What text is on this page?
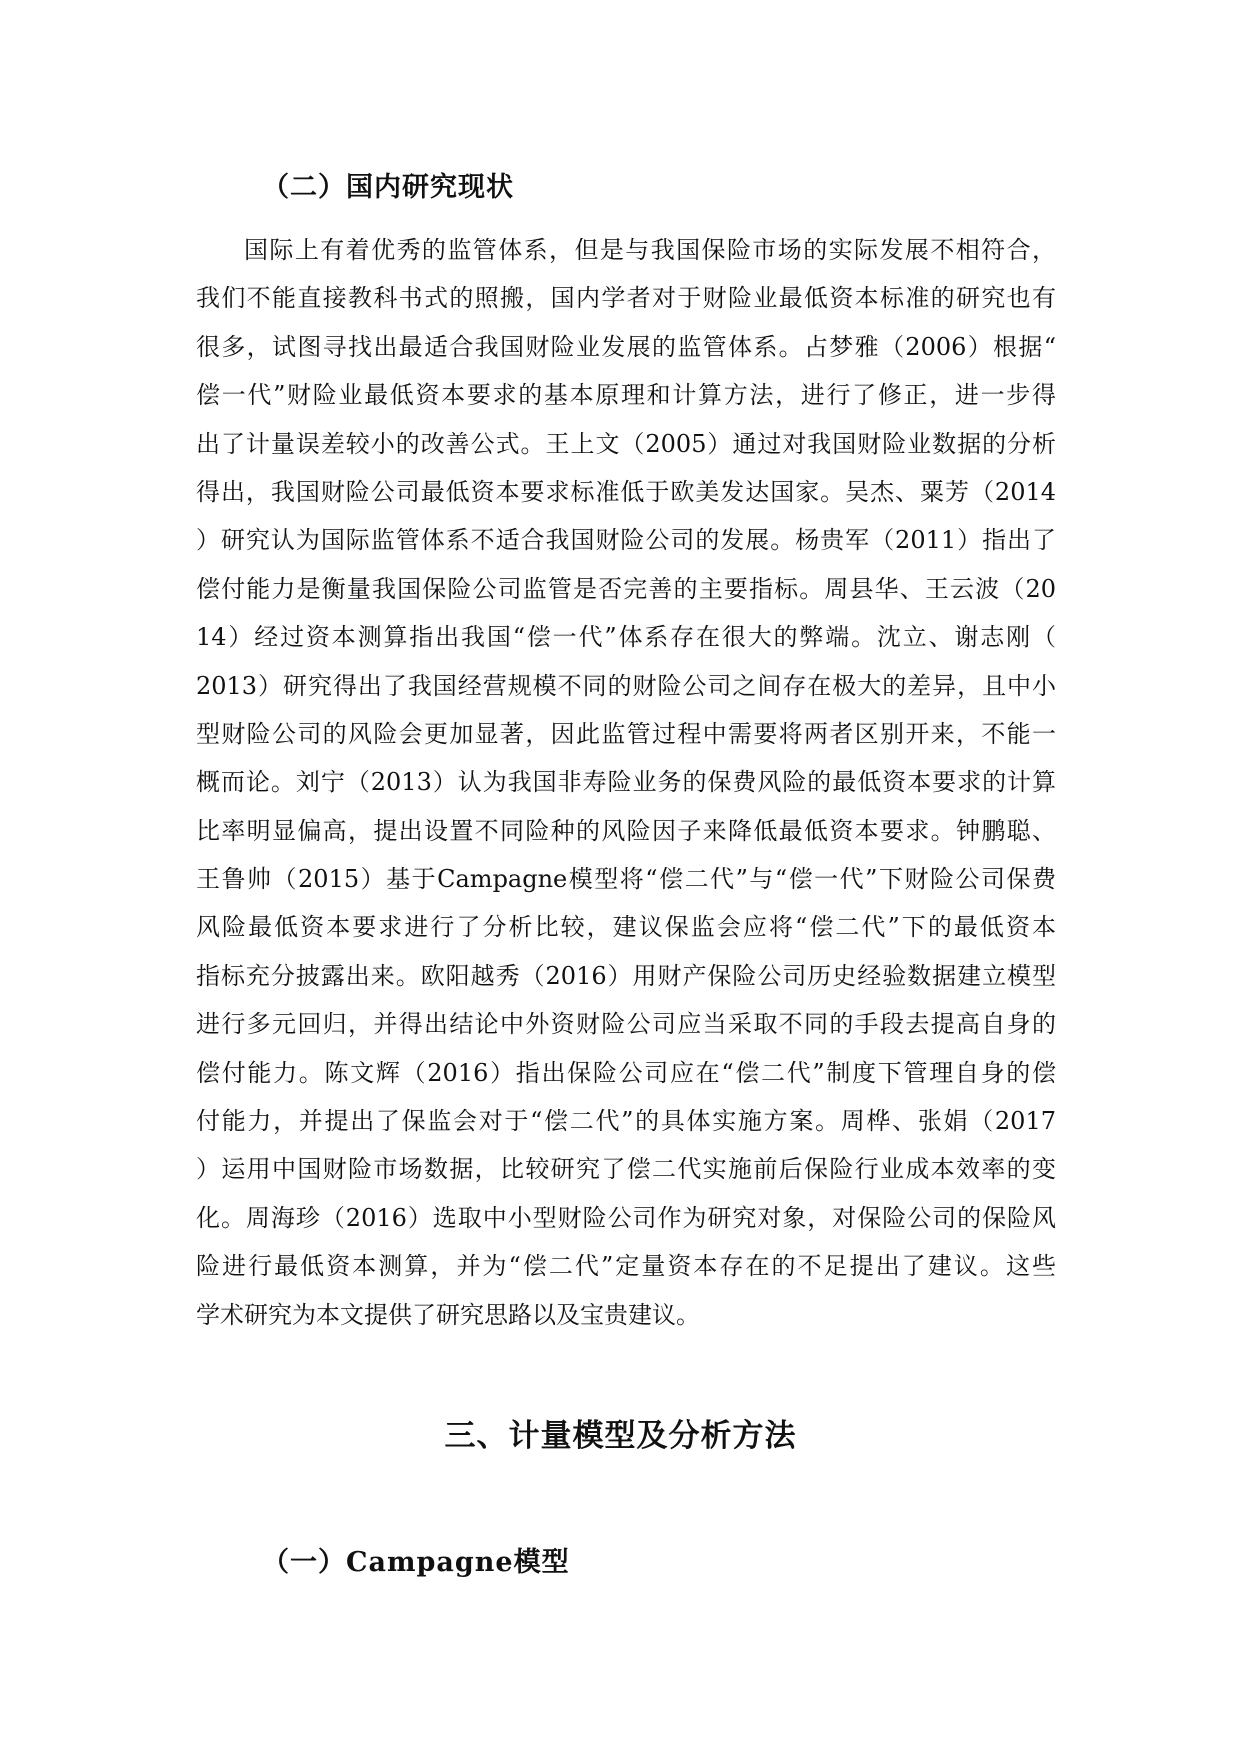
（二）国内研究现状
国际上有着优秀的监管体系，但是与我国保险市场的实际发展不相符合，
我们不能直接教科书式的照搬，国内学者对于财险业最低资本标准的研究也有
很多，试图寻找出最适合我国财险业发展的监管体系。占梦雅（2006）根据“
偿一代”财险业最低资本要求的基本原理和计算方法，进行了修正，进一步得
出了计量误差较小的改善公式。王上文（2005）通过对我国财险业数据的分析
得出，我国财险公司最低资本要求标准低于欧美发达国家。吴杰、粟芳（2014
）研究认为国际监管体系不适合我国财险公司的发展。杨贵军（2011）指出了
偿付能力是衡量我国保险公司监管是否完善的主要指标。周县华、王云波（20
14）经过资本测算指出我国“偿一代”体系存在很大的弊端。沈立、谢志刚（
2013）研究得出了我国经营规模不同的财险公司之间存在极大的差异，且中小
型财险公司的风险会更加显著，因此监管过程中需要将两者区别开来，不能一
概而论。刘宁（2013）认为我国非寿险业务的保费风险的最低资本要求的计算
比率明显偏高，提出设置不同险种的风险因子来降低最低资本要求。钟鹏聪、
王鲁帅（2015）基于Campagne模型将“偿二代”与“偿一代”下财险公司保费
风险最低资本要求进行了分析比较，建议保监会应将“偿二代”下的最低资本
指标充分披露出来。欧阳越秀（2016）用财产保险公司历史经验数据建立模型
进行多元回归，并得出结论中外资财险公司应当采取不同的手段去提高自身的
偿付能力。陈文辉（2016）指出保险公司应在“偿二代”制度下管理自身的偿
付能力，并提出了保监会对于“偿二代”的具体实施方案。周桦、张娟（2017
）运用中国财险市场数据，比较研究了偿二代实施前后保险行业成本效率的变
化。周海珍（2016）选取中小型财险公司作为研究对象，对保险公司的保险风
险进行最低资本测算，并为“偿二代”定量资本存在的不足提出了建议。这些
学术研究为本文提供了研究思路以及宝贵建议。
三、计量模型及分析方法
（一）Campagne模型
